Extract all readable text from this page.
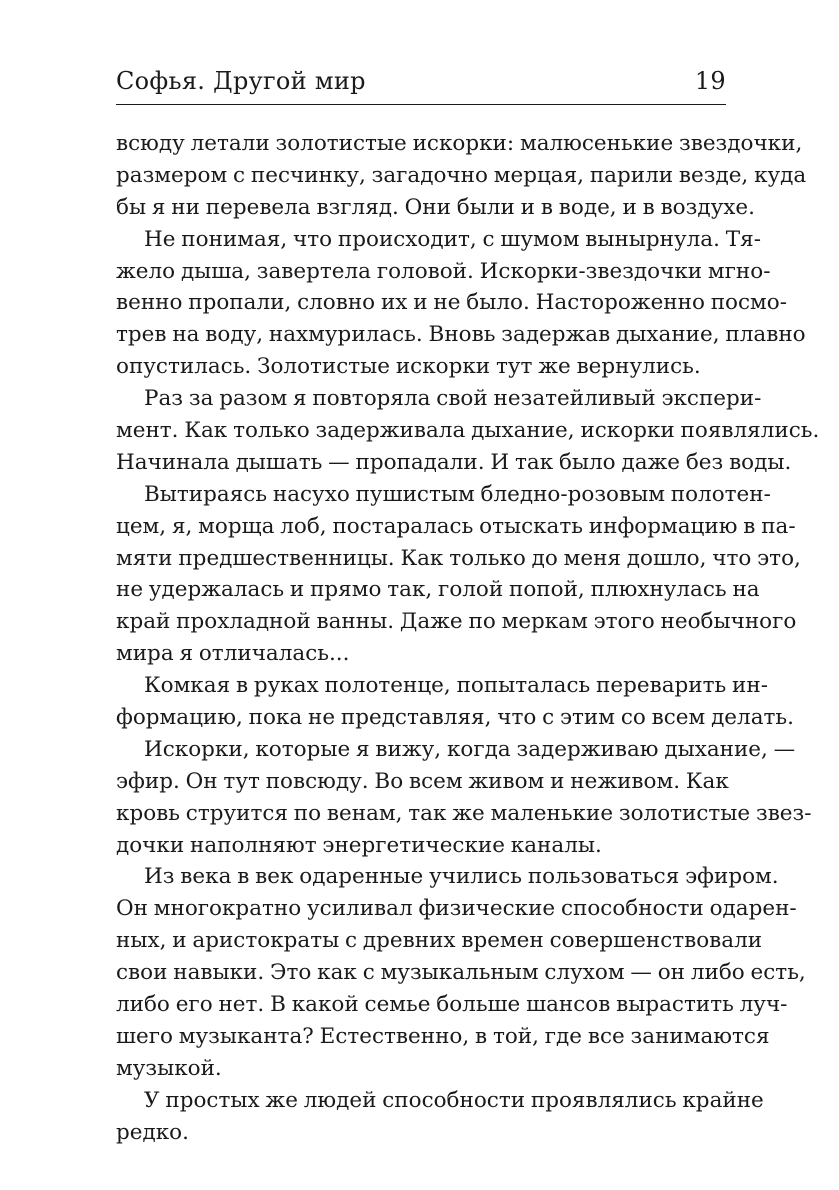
Софья. Другой мир	19
всюду летали золотистые искорки: малюсенькие звездочки,
размером с песчинку, загадочно мерцая, парили везде, куда
бы я ни перевела взгляд. Они были и в воде, и в воздухе.
Не понимая, что происходит, с шумом вынырнула. Тя-
жело дыша, завертела головой. Искорки-звездочки мгно-
венно пропали, словно их и не было. Настороженно посмо-
трев на воду, нахмурилась. Вновь задержав дыхание, плавно
опустилась. Золотистые искорки тут же вернулись.
Раз за разом я повторяла свой незатейливый экспери-
мент. Как только задерживала дыхание, искорки появлялись.
Начинала дышать — пропадали. И так было даже без воды.
Вытираясь насухо пушистым бледно-розовым полотен-
цем, я, морща лоб, постаралась отыскать информацию в па-
мяти предшественницы. Как только до меня дошло, что это,
не удержалась и прямо так, голой попой, плюхнулась на
край прохладной ванны. Даже по меркам этого необычного
мира я отличалась...
Комкая в руках полотенце, попыталась переварить ин-
формацию, пока не представляя, что с этим со всем делать.
Искорки, которые я вижу, когда задерживаю дыхание, —
эфир. Он тут повсюду. Во всем живом и неживом. Как
кровь струится по венам, так же маленькие золотистые звез-
дочки наполняют энергетические каналы.
Из века в век одаренные учились пользоваться эфиром.
Он многократно усиливал физические способности одарен-
ных, и аристократы с древних времен совершенствовали
свои навыки. Это как с музыкальным слухом — он либо есть,
либо его нет. В какой семье больше шансов вырастить луч-
шего музыканта? Естественно, в той, где все занимаются
музыкой.
У простых же людей способности проявлялись крайне
редко.
